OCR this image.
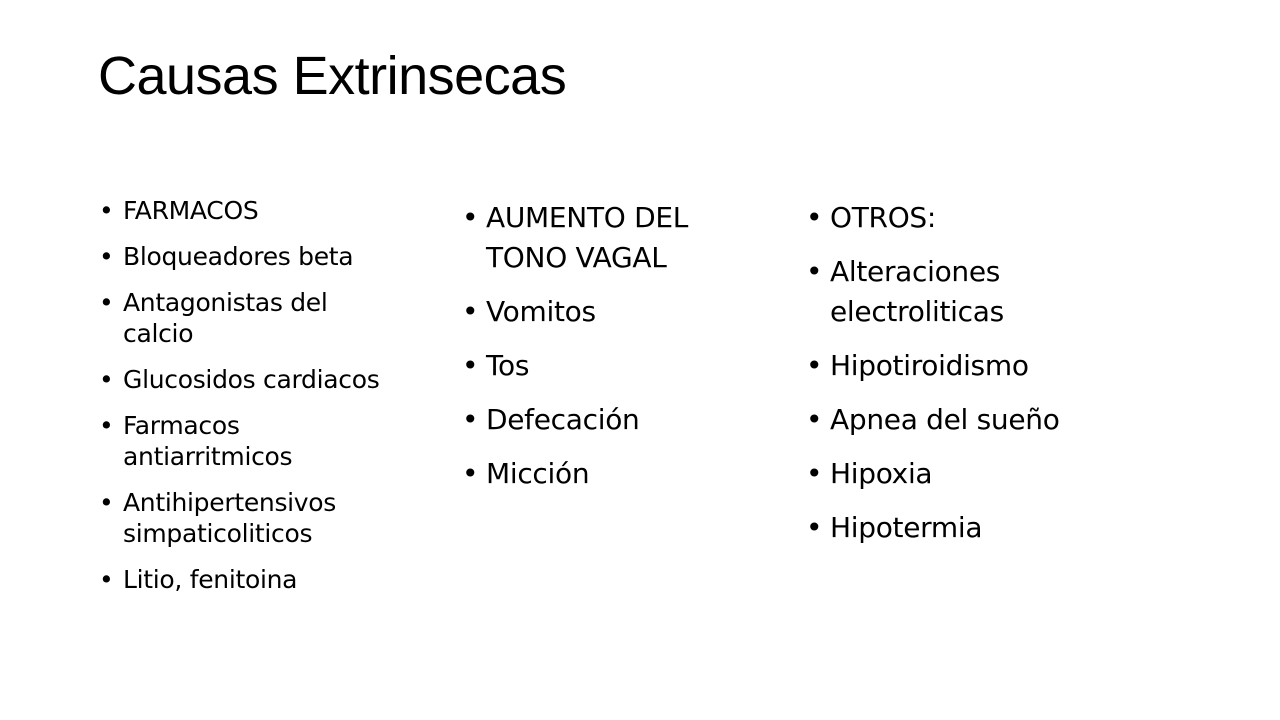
Causas Extrinsecas
• FARMACOS
• Bloqueadores beta
• Antagonistas del calcio
• Glucosidos cardiacos
• Farmacos antiarritmicos
• Antihipertensivos simpaticoliticos
• Litio, fenitoina
• AUMENTO DEL TONO VAGAL
• Vomitos
• Tos
• Defecación
• Micción
• OTROS:
• Alteraciones electroliticas
• Hipotiroidismo
• Apnea del sueño
• Hipoxia
• Hipotermia
